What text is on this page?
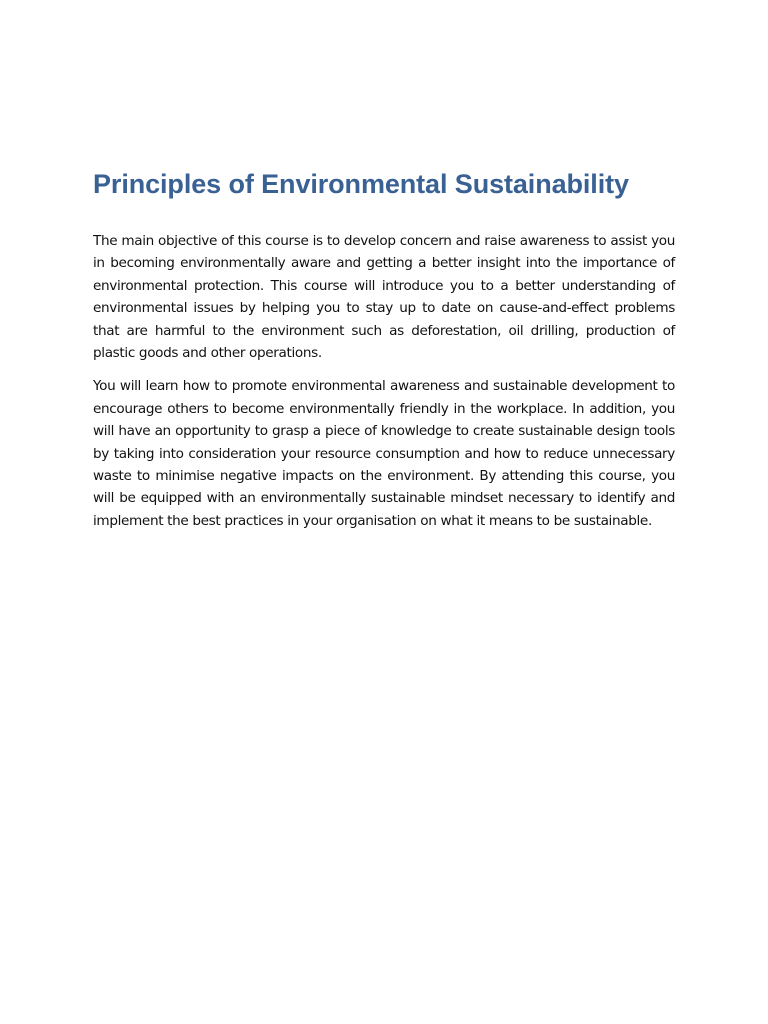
Principles of Environmental Sustainability

The main objective of this course is to develop concern and raise awareness to assist you in becoming environmentally aware and getting a better insight into the importance of environmental protection. This course will introduce you to a better understanding of environmental issues by helping you to stay up to date on cause-and-effect problems that are harmful to the environment such as deforestation, oil drilling, production of plastic goods and other operations.

You will learn how to promote environmental awareness and sustainable development to encourage others to become environmentally friendly in the workplace. In addition, you will have an opportunity to grasp a piece of knowledge to create sustainable design tools by taking into consideration your resource consumption and how to reduce unnecessary waste to minimise negative impacts on the environment. By attending this course, you will be equipped with an environmentally sustainable mindset necessary to identify and implement the best practices in your organisation on what it means to be sustainable.
